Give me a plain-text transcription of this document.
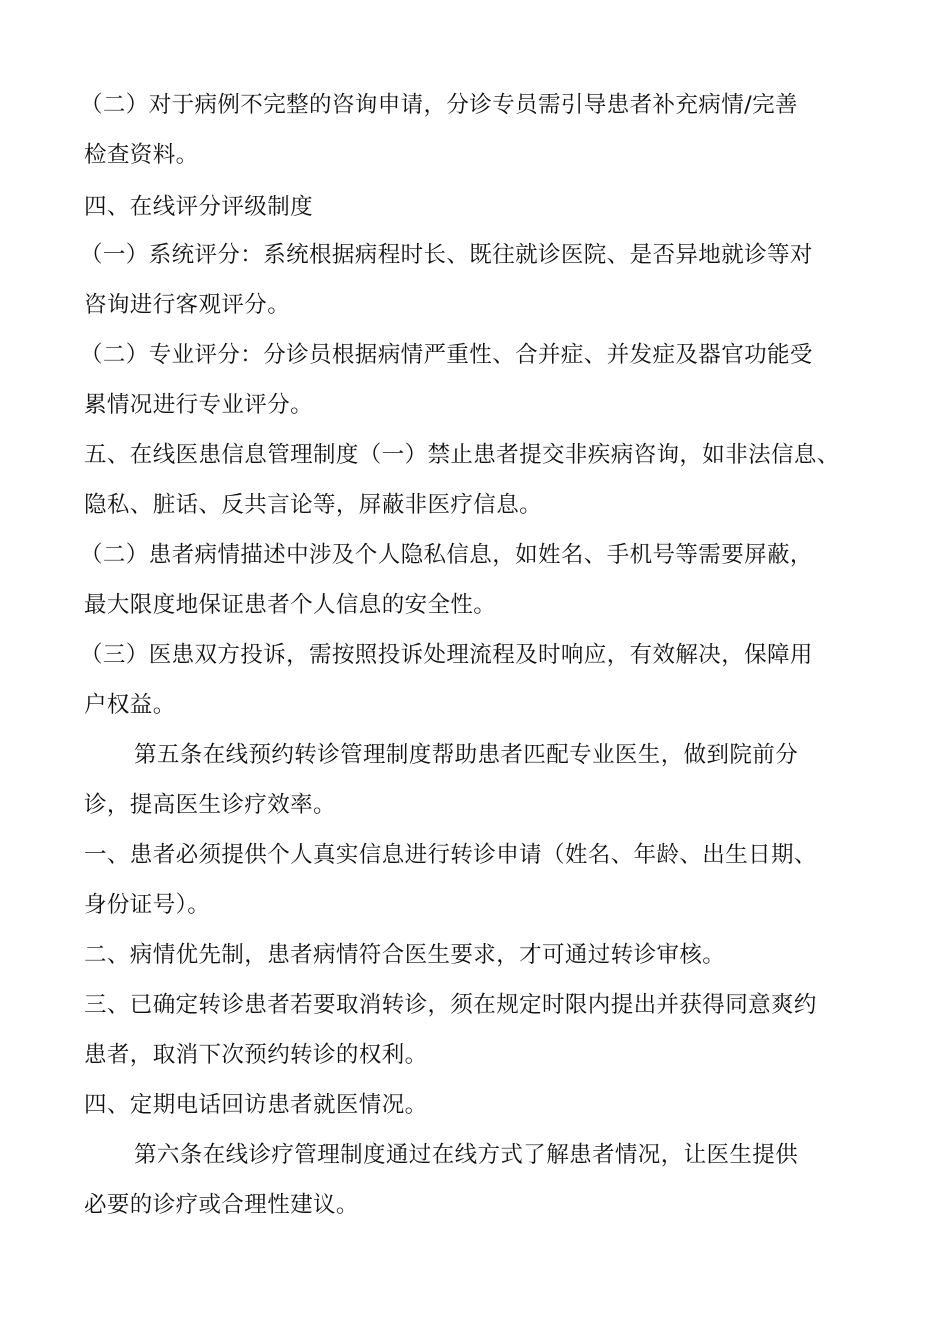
（二）对于病例不完整的咨询申请，分诊专员需引导患者补充病情/完善
检查资料。
四、在线评分评级制度
（一）系统评分：系统根据病程时长、既往就诊医院、是否异地就诊等对
咨询进行客观评分。
（二）专业评分：分诊员根据病情严重性、合并症、并发症及器官功能受
累情况进行专业评分。
五、在线医患信息管理制度（一）禁止患者提交非疾病咨询，如非法信息、
隐私、脏话、反共言论等，屏蔽非医疗信息。
（二）患者病情描述中涉及个人隐私信息，如姓名、手机号等需要屏蔽，
最大限度地保证患者个人信息的安全性。
（三）医患双方投诉，需按照投诉处理流程及时响应，有效解决，保障用
户权益。
第五条在线预约转诊管理制度帮助患者匹配专业医生，做到院前分
诊，提高医生诊疗效率。
一、患者必须提供个人真实信息进行转诊申请（姓名、年龄、出生日期、
身份证号）。
二、病情优先制，患者病情符合医生要求，才可通过转诊审核。
三、已确定转诊患者若要取消转诊，须在规定时限内提出并获得同意爽约
患者，取消下次预约转诊的权利。
四、定期电话回访患者就医情况。
第六条在线诊疗管理制度通过在线方式了解患者情况，让医生提供
必要的诊疗或合理性建议。
